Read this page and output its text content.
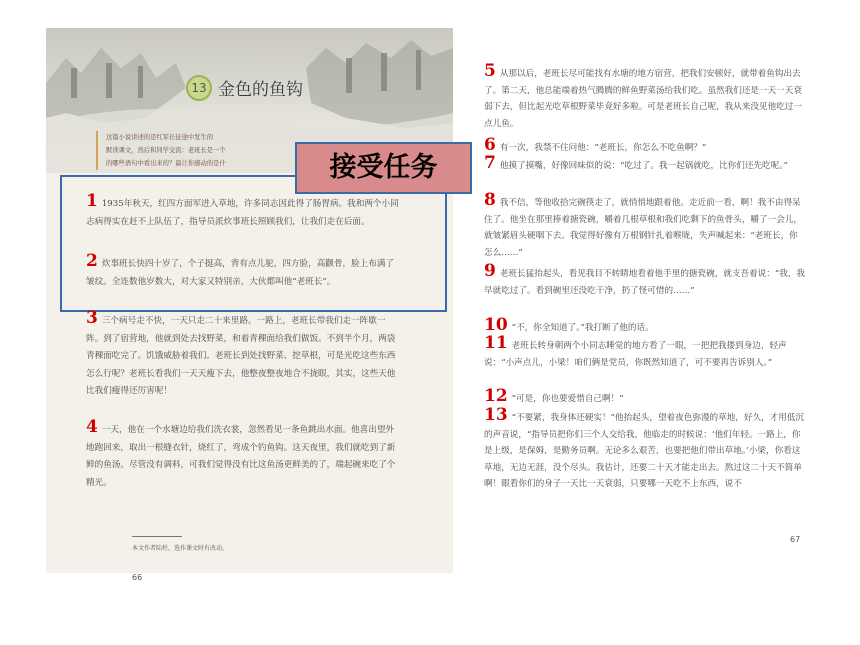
13 金色的鱼钩
这篇小说讲述的是红军长征途中发生的
默读课文，然后和同学交流：老班长是一个
的哪些语句中看出来的？最让你感动的是什
本文作者陆柱，选作课文时有改动。
66
接受任务
1 1935年秋天，红四方面军进入草地，许多同志因此得了肠胃病。我和两个小同志病得实在赶不上队伍了，指导员派炊事班长照顾我们，让我们走在后面。
2 炊事班长快四十岁了，个子挺高，背有点儿驼，四方脸，高颧骨，脸上布满了皱纹。全连数他岁数大，对大家又特别亲，大伙都叫他“老班长”。
3 三个病号走不快，一天只走二十来里路。一路上，老班长带我们走一阵歇一阵。到了宿营地，他就到处去找野菜，和着青稞面给我们做饭。不到半个月，两袋青稞面吃完了。饥饿威胁着我们。老班长到处找野菜、挖草根，可是光吃这些东西怎么行呢？老班长看我们一天天瘦下去，他整夜整夜地合不拢眼，其实，这些天他比我们瘦得还厉害呢！
4 一天，他在一个水塘边给我们洗衣裳，忽然看见一条鱼跳出水面。他喜出望外地跑回来，取出一根缝衣针，烧红了，弯成个钓鱼钩。这天夜里，我们就吃到了新鲜的鱼汤。尽管没有调料，可我们觉得没有比这鱼汤更鲜美的了，端起碗来吃了个精光。
5 从那以后，老班长尽可能找有水塘的地方宿营，把我们安顿好，就带着鱼钩出去了。第二天，他总能端着热气腾腾的鲜鱼野菜汤给我们吃。虽然我们还是一天一天衰弱下去，但比起光吃草根野菜毕竟好多啦。可是老班长自己呢，我从来没见他吃过一点儿鱼。
6 有一次，我禁不住问他：“老班长，你怎么不吃鱼啊？”
7 他摸了摸嘴，好像回味似的说：“吃过了。我一起锅就吃，比你们还先吃呢。”
8 我不信，等他收拾完碗筷走了，就悄悄地跟着他。走近前一看，啊！我不由得呆住了。他坐在那里捧着搪瓷碗，嚼着几根草根和我们吃剩下的鱼骨头，嚼了一会儿，就皱紧眉头硬咽下去。我觉得好像有万根钢针扎着喉咙，失声喊起来：“老班长，你怎么……”
9 老班长猛抬起头，看见我目不转睛地看着他手里的搪瓷碗，就支吾着说：“我，我早就吃过了。看到碗里还没吃干净，扔了怪可惜的……”
10 “不，你全知道了。”我打断了他的话。
11 老班长转身朝两个小同志睡觉的地方看了一眼，一把把我搂到身边，轻声说：“小声点儿，小梁！咱们俩是党员，你既然知道了，可不要再告诉别人。”
12 “可是，你也要爱惜自己啊！”
13 “不要紧，我身体还硬实！”他抬起头，望着夜色弥漫的草地，好久，才用低沉的声音说，“指导员把你们三个人交给我，他临走的时候说：‘他们年轻。一路上，你是上级，是保姆，是勤务员啊。无论多么艰苦，也要把他们带出草地。’小梁，你看这草地，无边无涯，没个尽头。我估计，还要二十天才能走出去。熬过这二十天不简单啊！眼看你们的身子一天比一天衰弱，只要哪一天吃不上东西，说不
67
